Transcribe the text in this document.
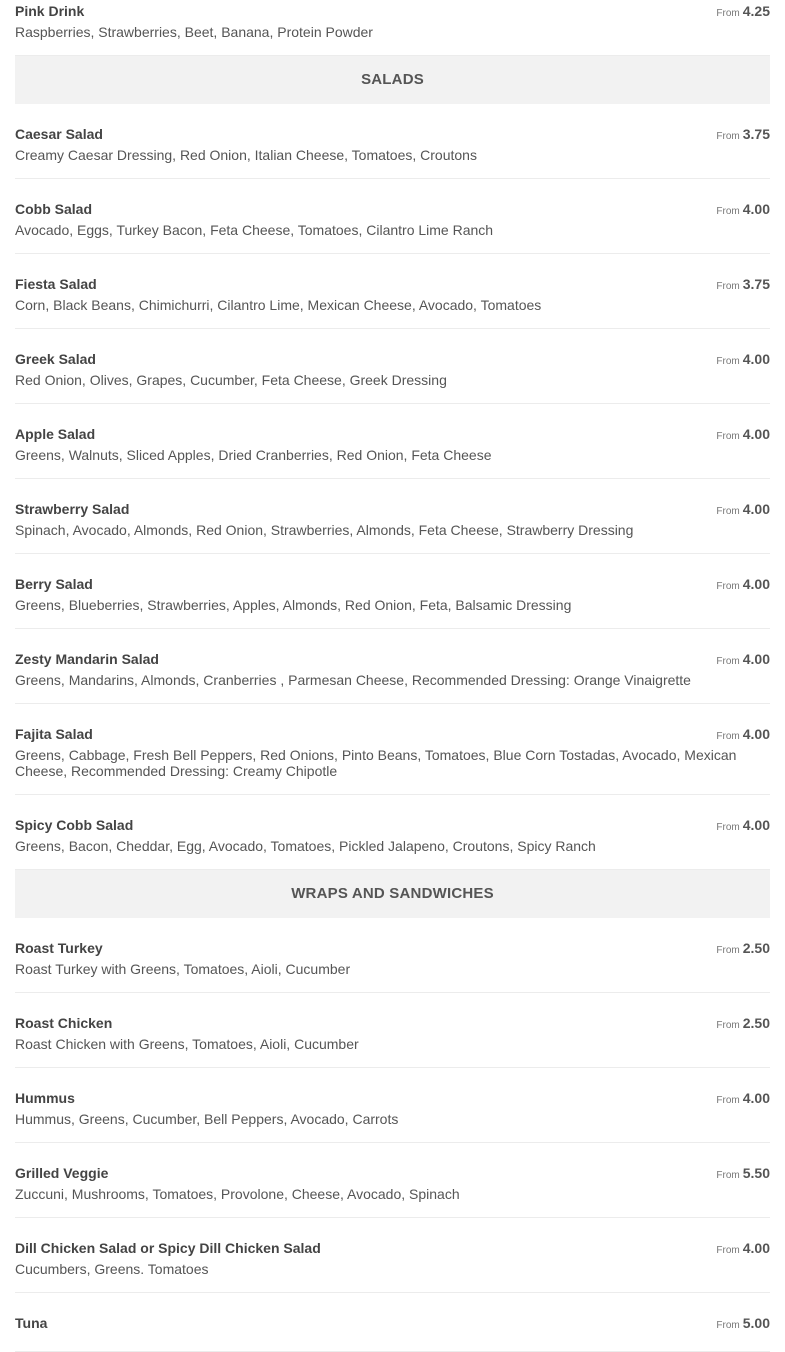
Pink Drink	From 4.25
Raspberries, Strawberries, Beet, Banana, Protein Powder
SALADS
Caesar Salad	From 3.75
Creamy Caesar Dressing, Red Onion, Italian Cheese, Tomatoes, Croutons
Cobb Salad	From 4.00
Avocado, Eggs, Turkey Bacon, Feta Cheese, Tomatoes, Cilantro Lime Ranch
Fiesta Salad	From 3.75
Corn, Black Beans, Chimichurri, Cilantro Lime, Mexican Cheese, Avocado, Tomatoes
Greek Salad	From 4.00
Red Onion, Olives, Grapes, Cucumber, Feta Cheese, Greek Dressing
Apple Salad	From 4.00
Greens, Walnuts, Sliced Apples, Dried Cranberries, Red Onion, Feta Cheese
Strawberry Salad	From 4.00
Spinach, Avocado, Almonds, Red Onion, Strawberries, Almonds, Feta Cheese, Strawberry Dressing
Berry Salad	From 4.00
Greens, Blueberries, Strawberries, Apples, Almonds, Red Onion, Feta, Balsamic Dressing
Zesty Mandarin Salad	From 4.00
Greens, Mandarins, Almonds, Cranberries , Parmesan Cheese, Recommended Dressing: Orange Vinaigrette
Fajita Salad	From 4.00
Greens, Cabbage, Fresh Bell Peppers, Red Onions, Pinto Beans, Tomatoes, Blue Corn Tostadas, Avocado, Mexican Cheese, Recommended Dressing: Creamy Chipotle
Spicy Cobb Salad	From 4.00
Greens, Bacon, Cheddar, Egg, Avocado, Tomatoes, Pickled Jalapeno, Croutons, Spicy Ranch
WRAPS AND SANDWICHES
Roast Turkey	From 2.50
Roast Turkey with Greens, Tomatoes, Aioli, Cucumber
Roast Chicken	From 2.50
Roast Chicken with Greens, Tomatoes, Aioli, Cucumber
Hummus	From 4.00
Hummus, Greens, Cucumber, Bell Peppers, Avocado, Carrots
Grilled Veggie	From 5.50
Zuccuni, Mushrooms, Tomatoes, Provolone, Cheese, Avocado, Spinach
Dill Chicken Salad or Spicy Dill Chicken Salad	From 4.00
Cucumbers, Greens. Tomatoes
Tuna	From 5.00
